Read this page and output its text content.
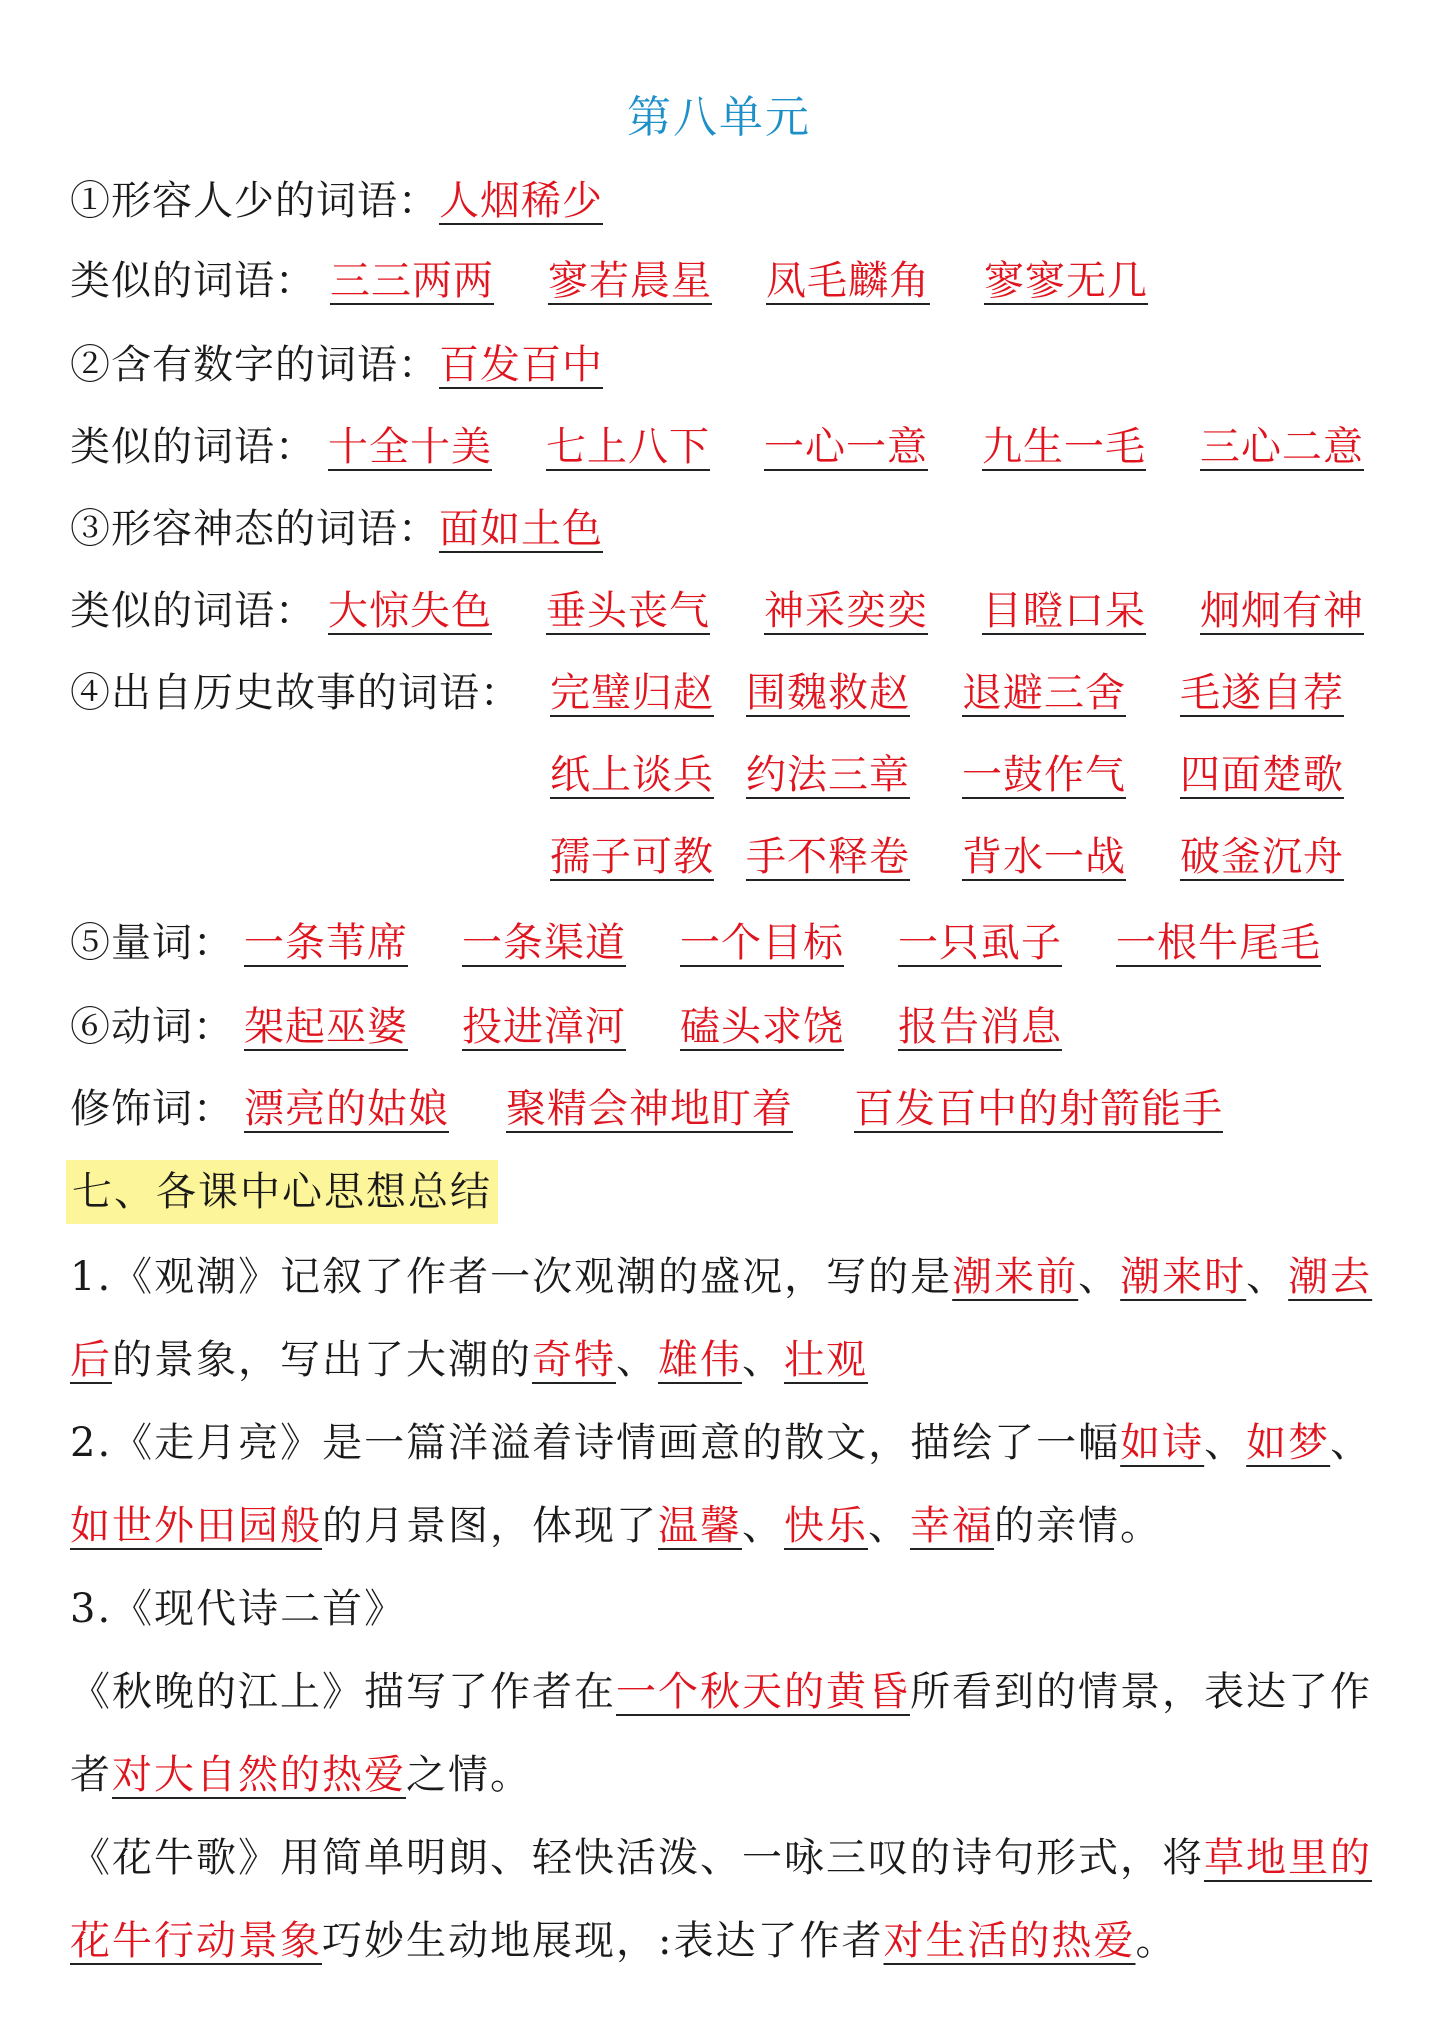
第八单元
①形容人少的词语：人烟稀少
类似的词语： 三三两两 寥若晨星 凤毛麟角 寥寥无几
②含有数字的词语：百发百中
类似的词语： 十全十美 七上八下 一心一意 九生一毛 三心二意
③形容神态的词语：面如土色
类似的词语： 大惊失色 垂头丧气 神采奕奕 目瞪口呆 炯炯有神
④出自历史故事的词语： 完璧归赵 围魏救赵 退避三舍 毛遂自荐
纸上谈兵 约法三章 一鼓作气 四面楚歌
孺子可教 手不释卷 背水一战 破釜沉舟
⑤量词： 一条苇席 一条渠道 一个目标 一只虱子 一根牛尾毛
⑥动词： 架起巫婆 投进漳河 磕头求饶 报告消息
修饰词： 漂亮的姑娘 聚精会神地盯着 百发百中的射箭能手
七、各课中心思想总结
1.《观潮》记叙了作者一次观潮的盛况，写的是潮来前、潮来时、潮去后的景象，写出了大潮的奇特、雄伟、壮观
2.《走月亮》是一篇洋溢着诗情画意的散文，描绘了一幅如诗、如梦、如世外田园般的月景图，体现了温馨、快乐、幸福的亲情。
3.《现代诗二首》
《秋晚的江上》描写了作者在一个秋天的黄昏所看到的情景，表达了作者对大自然的热爱之情。
《花牛歌》用简单明朗、轻快活泼、一咏三叹的诗句形式，将草地里的花牛行动景象巧妙生动地展现，:表达了作者对生活的热爱。
